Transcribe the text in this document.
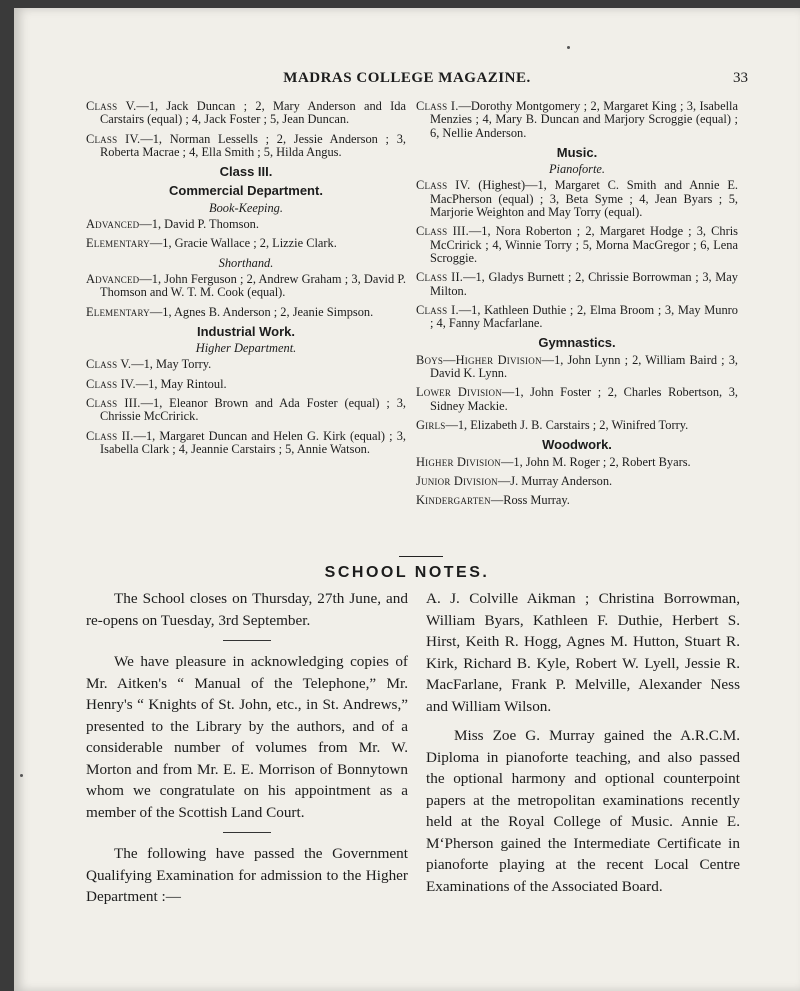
MADRAS COLLEGE MAGAZINE.	33

Class V.—1, Jack Duncan ; 2, Mary Anderson and Ida Carstairs (equal) ; 4, Jack Foster ; 5, Jean Duncan.

Class IV.—1, Norman Lessells ; 2, Jessie Anderson ; 3, Roberta Macrae ; 4, Ella Smith ; 5, Hilda Angus.

Class III.
Commercial Department.
Book-Keeping.

Advanced—1, David P. Thomson.

Elementary—1, Gracie Wallace ; 2, Lizzie Clark.

Shorthand.

Advanced—1, John Ferguson ; 2, Andrew Graham ; 3, David P. Thomson and W. T. M. Cook (equal).

Elementary—1, Agnes B. Anderson ; 2, Jeanie Simpson.

Industrial Work.
Higher Department.

Class V.—1, May Torry.

Class IV.—1, May Rintoul.

Class III.—1, Eleanor Brown and Ada Foster (equal) ; 3, Chrissie McCririck.

Class II.—1, Margaret Duncan and Helen G. Kirk (equal) ; 3, Isabella Clark ; 4, Jeannie Carstairs ; 5, Annie Watson.

Class I.—Dorothy Montgomery ; 2, Margaret King ; 3, Isabella Menzies ; 4, Mary B. Duncan and Marjory Scroggie (equal) ; 6, Nellie Anderson.

Music.
Pianoforte.

Class IV. (Highest)—1, Margaret C. Smith and Annie E. MacPherson (equal) ; 3, Beta Syme ; 4, Jean Byars ; 5, Marjorie Weighton and May Torry (equal).

Class III.—1, Nora Roberton ; 2, Margaret Hodge ; 3, Chris McCririck ; 4, Winnie Torry ; 5, Morna MacGregor ; 6, Lena Scroggie.

Class II.—1, Gladys Burnett ; 2, Chrissie Borrowman ; 3, May Milton.

Class I.—1, Kathleen Duthie ; 2, Elma Broom ; 3, May Munro ; 4, Fanny Macfarlane.

Gymnastics.

Boys—Higher Division—1, John Lynn ; 2, William Baird ; 3, David K. Lynn.

Lower Division—1, John Foster ; 2, Charles Robertson, 3, Sidney Mackie.

Girls—1, Elizabeth J. B. Carstairs ; 2, Winifred Torry.

Woodwork.

Higher Division—1, John M. Roger ; 2, Robert Byars.

Junior Division—J. Murray Anderson.

Kindergarten—Ross Murray.

SCHOOL NOTES.

The School closes on Thursday, 27th June, and re-opens on Tuesday, 3rd September.

We have pleasure in acknowledging copies of Mr. Aitken's “ Manual of the Telephone,” Mr. Henry's “ Knights of St. John, etc., in St. Andrews,” presented to the Library by the authors, and of a considerable number of volumes from Mr. W. Morton and from Mr. E. E. Morrison of Bonnytown whom we congratulate on his appointment as a member of the Scottish Land Court.

The following have passed the Government Qualifying Examination for admission to the Higher Department :—

A. J. Colville Aikman ; Christina Borrowman, William Byars, Kathleen F. Duthie, Herbert S. Hirst, Keith R. Hogg, Agnes M. Hutton, Stuart R. Kirk, Richard B. Kyle, Robert W. Lyell, Jessie R. MacFarlane, Frank P. Melville, Alexander Ness and William Wilson.

Miss Zoe G. Murray gained the A.R.C.M. Diploma in pianoforte teaching, and also passed the optional harmony and optional counterpoint papers at the metropolitan examinations recently held at the Royal College of Music. Annie E. M‘Pherson gained the Intermediate Certificate in pianoforte playing at the recent Local Centre Examinations of the Associated Board.
